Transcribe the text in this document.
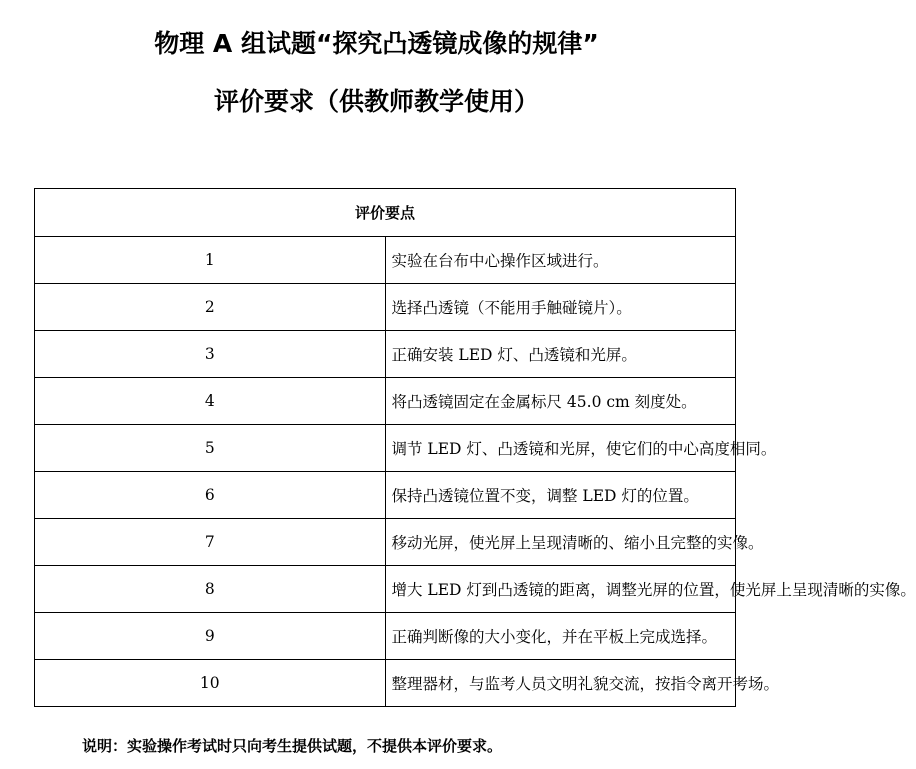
物理 A 组试题“探究凸透镜成像的规律”
评价要求（供教师教学使用）
评价要点	
1	实验在台布中心操作区域进行。
2	选择凸透镜（不能用手触碰镜片）。
3	正确安装 LED 灯、凸透镜和光屏。
4	将凸透镜固定在金属标尺 45.0 cm 刻度处。
5	调节 LED 灯、凸透镜和光屏，使它们的中心高度相同。
6	保持凸透镜位置不变，调整 LED 灯的位置。
7	移动光屏，使光屏上呈现清晰的、缩小且完整的实像。
8	增大 LED 灯到凸透镜的距离，调整光屏的位置，使光屏上呈现清晰的实像。
9	正确判断像的大小变化，并在平板上完成选择。
10	整理器材，与监考人员文明礼貌交流，按指令离开考场。
说明：实验操作考试时只向考生提供试题，不提供本评价要求。
